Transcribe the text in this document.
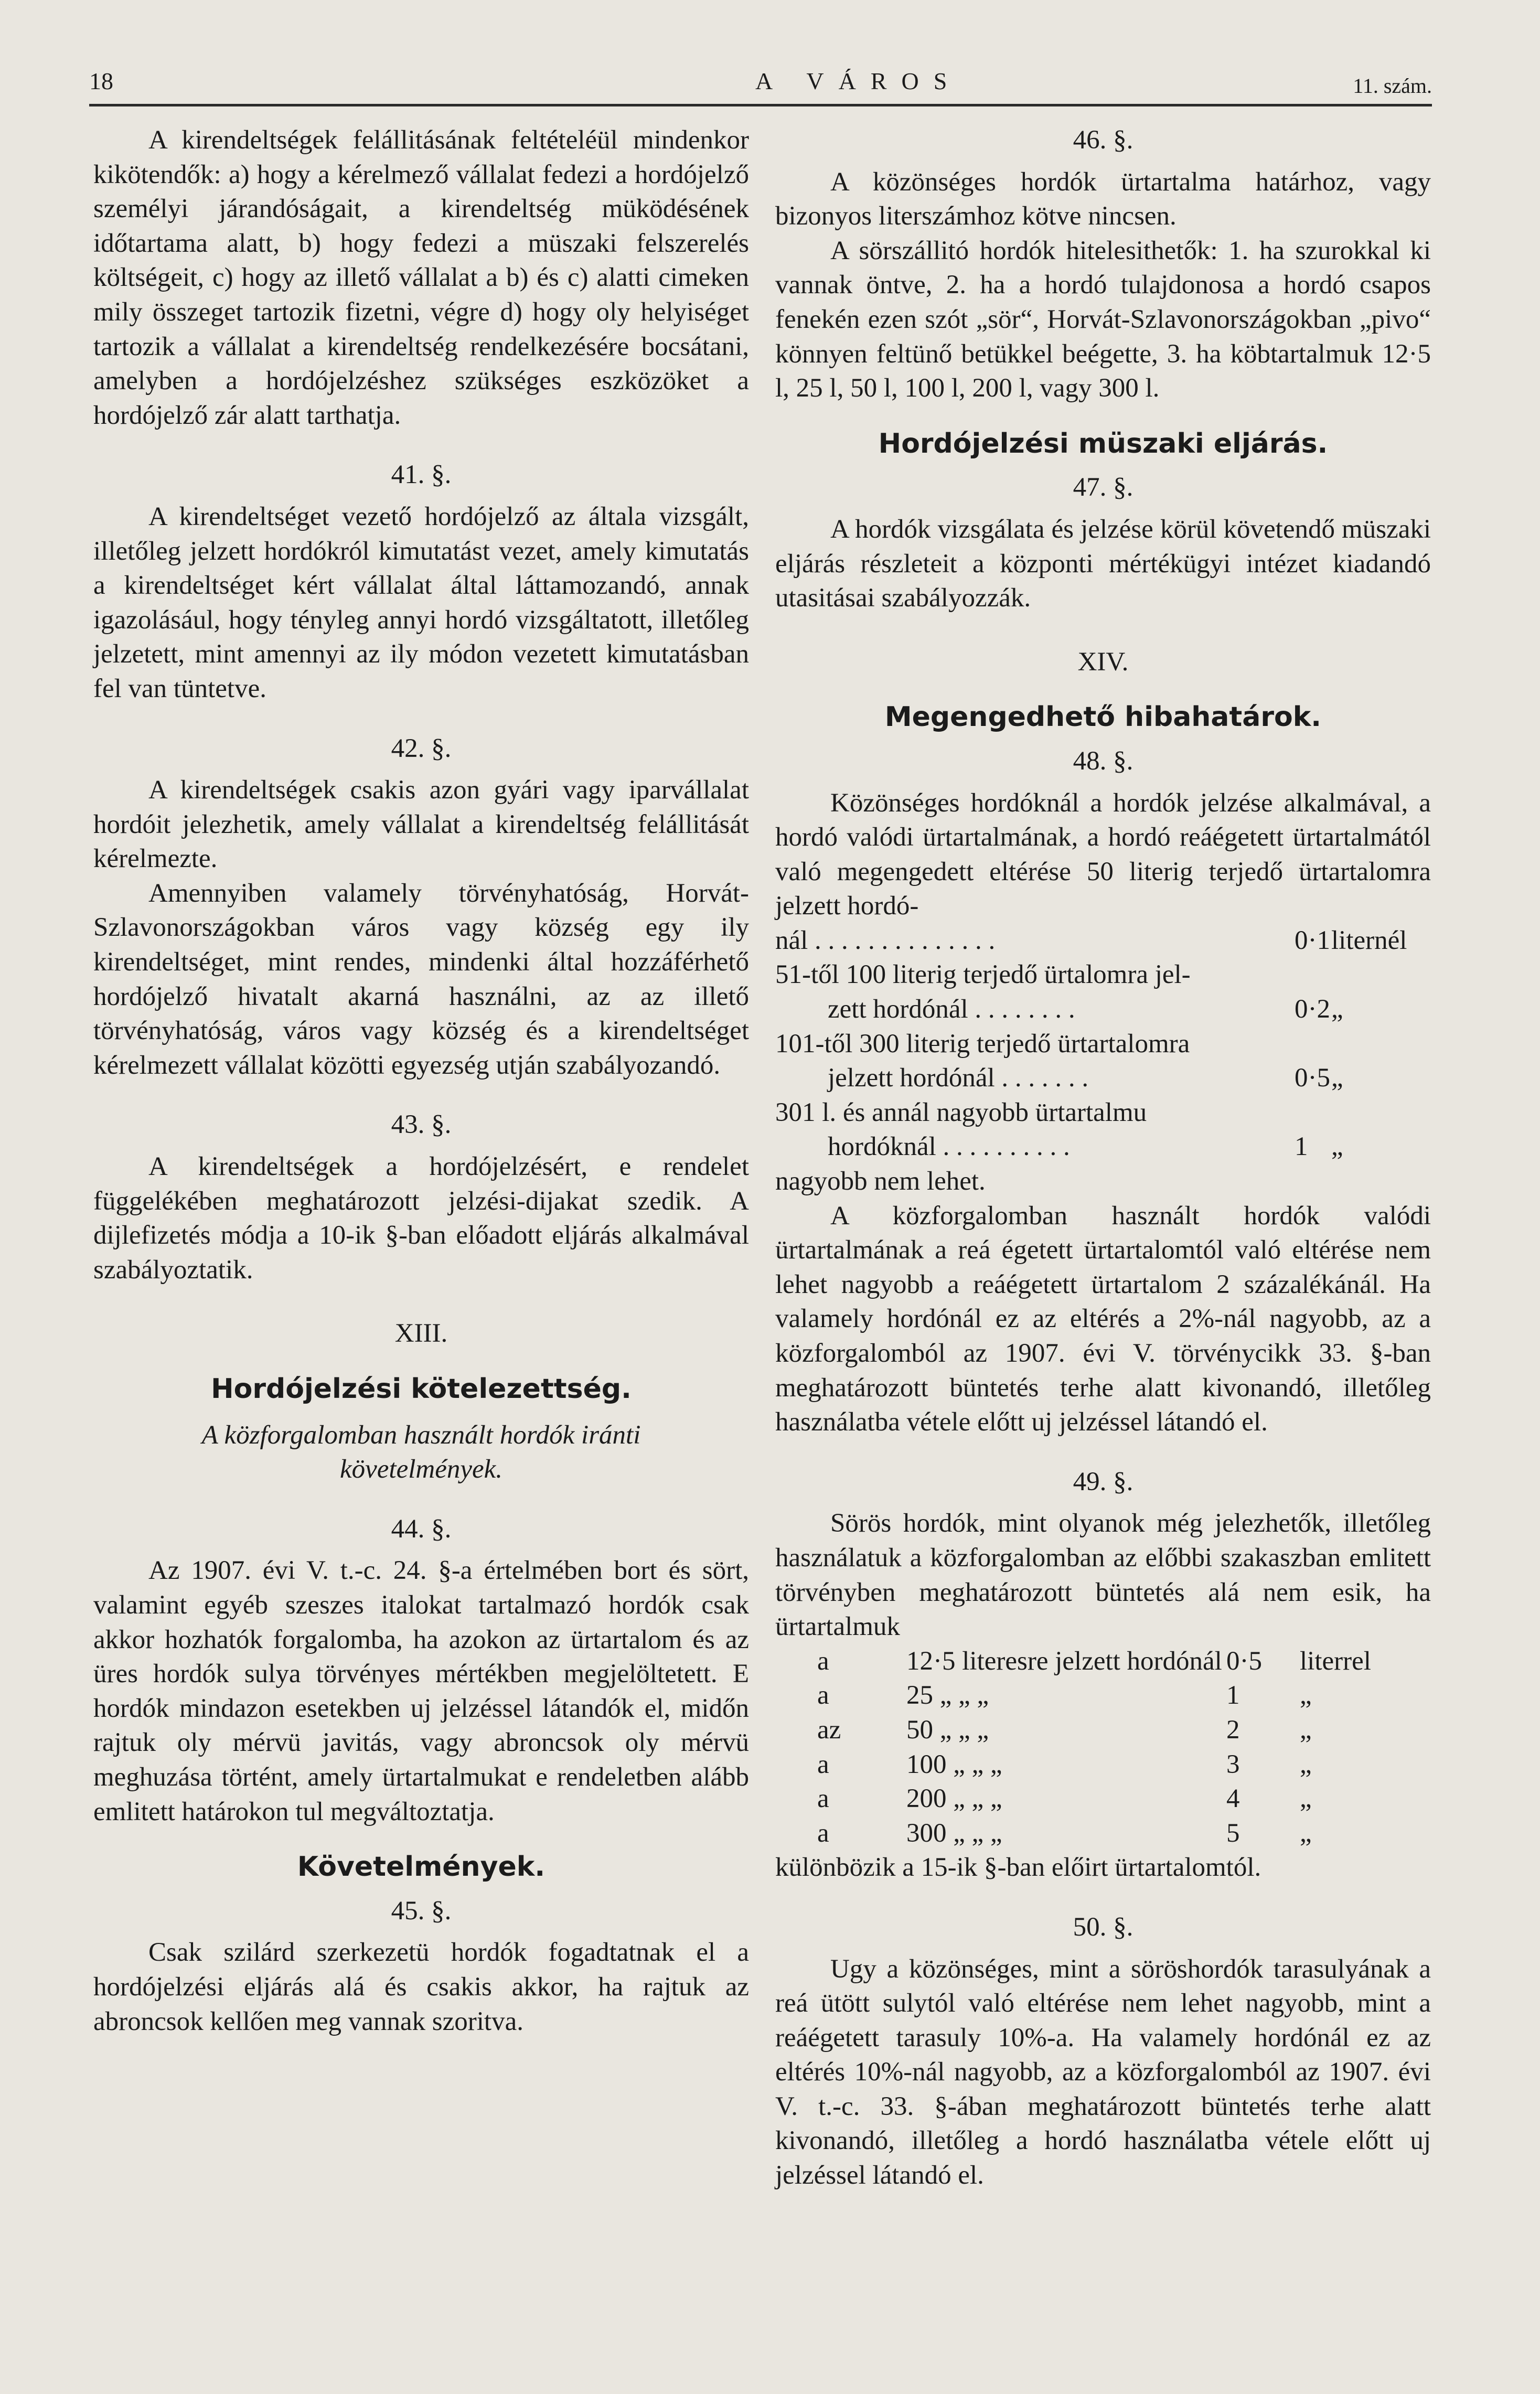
18	A VÁROS	11. szám.

A kirendeltségek felállitásának feltételéül mindenkor kikötendők: a) hogy a kérelmező vállalat fedezi a hordójelző személyi járandóságait, a kirendeltség müködésének időtartama alatt, b) hogy fedezi a müszaki felszerelés költségeit, c) hogy az illető vállalat a b) és c) alatti cimeken mily összeget tartozik fizetni, végre d) hogy oly helyiséget tartozik a vállalat a kirendeltség rendelkezésére bocsátani, amelyben a hordójelzéshez szükséges eszközöket a hordójelző zár alatt tarthatja.

41. §.

A kirendeltséget vezető hordójelző az általa vizsgált, illetőleg jelzett hordókról kimutatást vezet, amely kimutatás a kirendeltséget kért vállalat által láttamozandó, annak igazolásául, hogy tényleg annyi hordó vizsgáltatott, illetőleg jelzetett, mint amennyi az ily módon vezetett kimutatásban fel van tüntetve.

42. §.

A kirendeltségek csakis azon gyári vagy iparvállalat hordóit jelezhetik, amely vállalat a kirendeltség felállitását kérelmezte.

Amennyiben valamely törvényhatóság, Horvát-Szlavonországokban város vagy község egy ily kirendeltséget, mint rendes, mindenki által hozzáférhető hordójelző hivatalt akarná használni, az az illető törvényhatóság, város vagy község és a kirendeltséget kérelmezett vállalat közötti egyezség utján szabályozandó.

43. §.

A kirendeltségek a hordójelzésért, e rendelet függelékében meghatározott jelzési-dijakat szedik. A dijlefizetés módja a 10-ik §-ban előadott eljárás alkalmával szabályoztatik.

XIII.
Hordójelzési kötelezettség.
A közforgalomban használt hordók iránti követelmények.
44. §.

Az 1907. évi V. t.-c. 24. §-a értelmében bort és sört, valamint egyéb szeszes italokat tartalmazó hordók csak akkor hozhatók forgalomba, ha azokon az ürtartalom és az üres hordók sulya törvényes mértékben megjelöltetett. E hordók mindazon esetekben uj jelzéssel látandók el, midőn rajtuk oly mérvü javitás, vagy abroncsok oly mérvü meghuzása történt, amely ürtartalmukat e rendeletben alább emlitett határokon tul megváltoztatja.

Követelmények.
45. §.

Csak szilárd szerkezetü hordók fogadtatnak el a hordójelzési eljárás alá és csakis akkor, ha rajtuk az abroncsok kellően meg vannak szoritva.

46. §.

A közönséges hordók ürtartalma határhoz, vagy bizonyos literszámhoz kötve nincsen.

A sörszállitó hordók hitelesithetők: 1. ha szurokkal ki vannak öntve, 2. ha a hordó tulajdonosa a hordó csapos fenekén ezen szót „sör“, Horvát-Szlavonországokban „pivo“ könnyen feltünő betükkel beégette, 3. ha köbtartalmuk 12·5 l, 25 l, 50 l, 100 l, 200 l, vagy 300 l.

Hordójelzési müszaki eljárás.
47. §.

A hordók vizsgálata és jelzése körül követendő müszaki eljárás részleteit a központi mértékügyi intézet kiadandó utasitásai szabályozzák.

XIV.
Megengedhető hibahatárok.
48. §.

Közönséges hordóknál a hordók jelzése alkalmával, a hordó valódi ürtartalmának, a hordó reáégetett ürtartalmától való megengedett eltérése 50 literig terjedő ürtartalomra jelzett hordó-

nál . . . . . . . . . . . . . .	0·1 liternél
51-től 100 literig terjedő ürtalomra jel-
zett hordónál . . . . . . . .	0·2 „
101-től 300 literig terjedő ürtartalomra
jelzett hordónál . . . . . . .	0·5 „
301 l. és annál nagyobb ürtartalmu
hordóknál . . . . . . . . . .	1 „
nagyobb nem lehet.

A közforgalomban használt hordók valódi ürtartalmának a reá égetett ürtartalomtól való eltérése nem lehet nagyobb a reáégetett ürtartalom 2 százalékánál. Ha valamely hordónál ez az eltérés a 2%-nál nagyobb, az a közforgalomból az 1907. évi V. törvénycikk 33. §-ban meghatározott büntetés terhe alatt kivonandó, illetőleg használatba vétele előtt uj jelzéssel látandó el.

49. §.

Sörös hordók, mint olyanok még jelezhetők, illetőleg használatuk a közforgalomban az előbbi szakaszban emlitett törvényben meghatározott büntetés alá nem esik, ha ürtartalmuk

a	12·5 literesre jelzett hordónál 0·5 literrel
a	25 „ „ „	1 „
az 50 „ „ „	2 „
a	100 „ „ „	3 „
a	200 „ „ „	4 „
a	300 „ „ „	5 „

különbözik a 15-ik §-ban előirt ürtartalomtól.

50. §.

Ugy a közönséges, mint a söröshordók tarasulyának a reá ütött sulytól való eltérése nem lehet nagyobb, mint a reáégetett tarasuly 10%-a. Ha valamely hordónál ez az eltérés 10%-nál nagyobb, az a közforgalomból az 1907. évi V. t.-c. 33. §-ában meghatározott büntetés terhe alatt kivonandó, illetőleg a hordó használatba vétele előtt uj jelzéssel látandó el.
